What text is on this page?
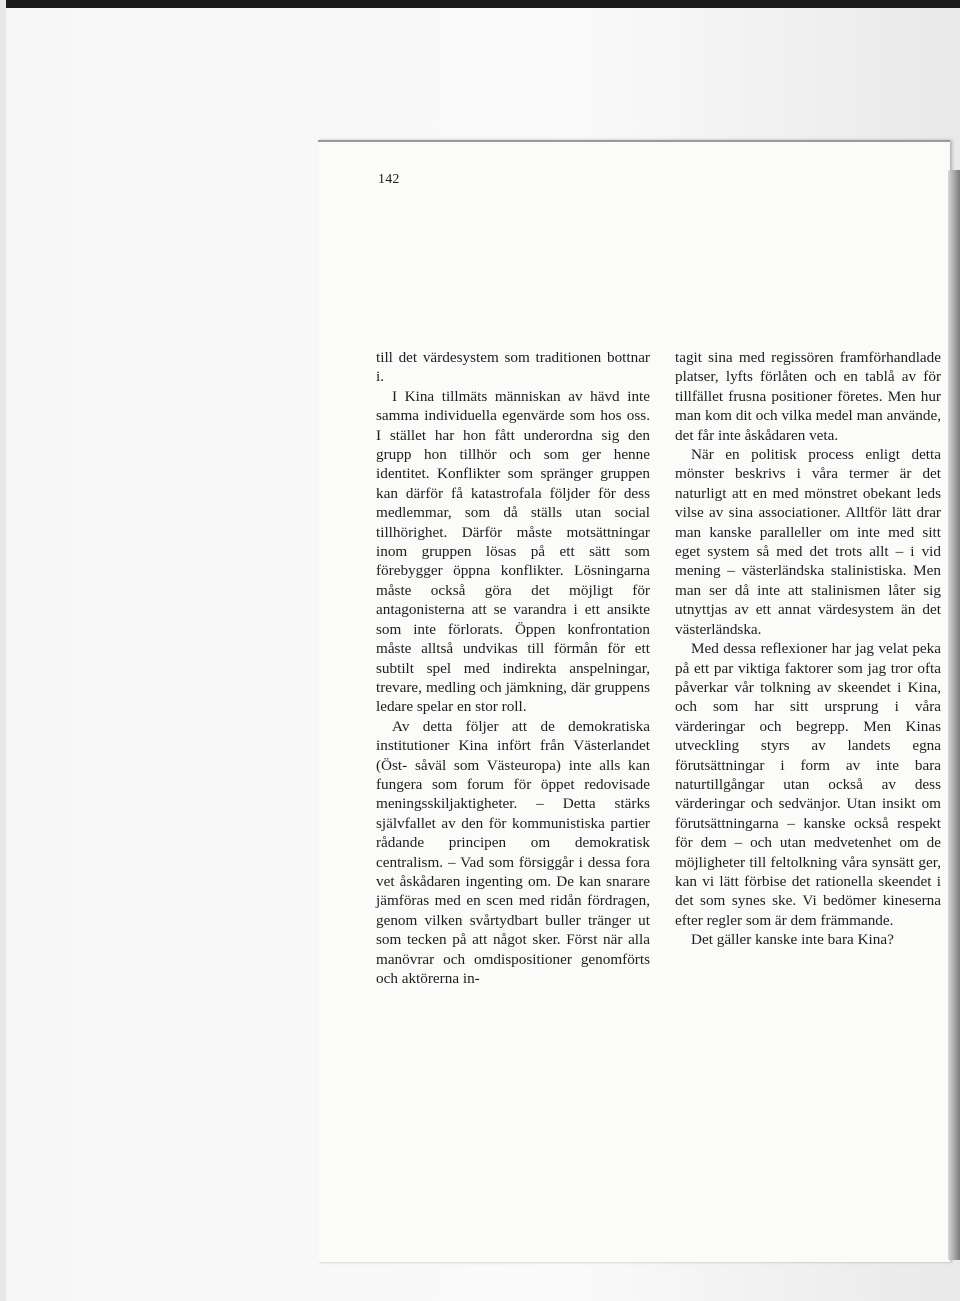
142

till det värdesystem som traditionen bottnar i.

I Kina tillmäts människan av hävd inte samma individuella egenvärde som hos oss. I stället har hon fått underordna sig den grupp hon tillhör och som ger henne identitet. Konflikter som spränger gruppen kan därför få katastrofala följder för dess medlemmar, som då ställs utan social tillhörighet. Därför måste motsättningar inom gruppen lösas på ett sätt som förebygger öppna konflikter. Lösningarna måste också göra det möjligt för antagonisterna att se varandra i ett ansikte som inte förlorats. Öppen konfrontation måste alltså undvikas till förmån för ett subtilt spel med indirekta anspelningar, trevare, medling och jämkning, där gruppens ledare spelar en stor roll.

Av detta följer att de demokratiska institutioner Kina infört från Västerlandet (Öst- såväl som Västeuropa) inte alls kan fungera som forum för öppet redovisade meningsskiljaktigheter. – Detta stärks självfallet av den för kommunistiska partier rådande principen om demokratisk centralism. – Vad som försiggår i dessa fora vet åskådaren ingenting om. De kan snarare jämföras med en scen med ridån fördragen, genom vilken svårtydbart buller tränger ut som tecken på att något sker. Först när alla manövrar och omdispositioner genomförts och aktörerna in-

tagit sina med regissören framförhandlade platser, lyfts förlåten och en tablå av för tillfället frusna positioner företes. Men hur man kom dit och vilka medel man använde, det får inte åskådaren veta.

När en politisk process enligt detta mönster beskrivs i våra termer är det naturligt att en med mönstret obekant leds vilse av sina associationer. Alltför lätt drar man kanske paralleller om inte med sitt eget system så med det trots allt – i vid mening – västerländska stalinistiska. Men man ser då inte att stalinismen låter sig utnyttjas av ett annat värdesystem än det västerländska.

Med dessa reflexioner har jag velat peka på ett par viktiga faktorer som jag tror ofta påverkar vår tolkning av skeendet i Kina, och som har sitt ursprung i våra värderingar och begrepp. Men Kinas utveckling styrs av landets egna förutsättningar i form av inte bara naturtillgångar utan också av dess värderingar och sedvänjor. Utan insikt om förutsättningarna – kanske också respekt för dem – och utan medvetenhet om de möjligheter till feltolkning våra synsätt ger, kan vi lätt förbise det rationella skeendet i det som synes ske. Vi bedömer kineserna efter regler som är dem främmande.

Det gäller kanske inte bara Kina?
